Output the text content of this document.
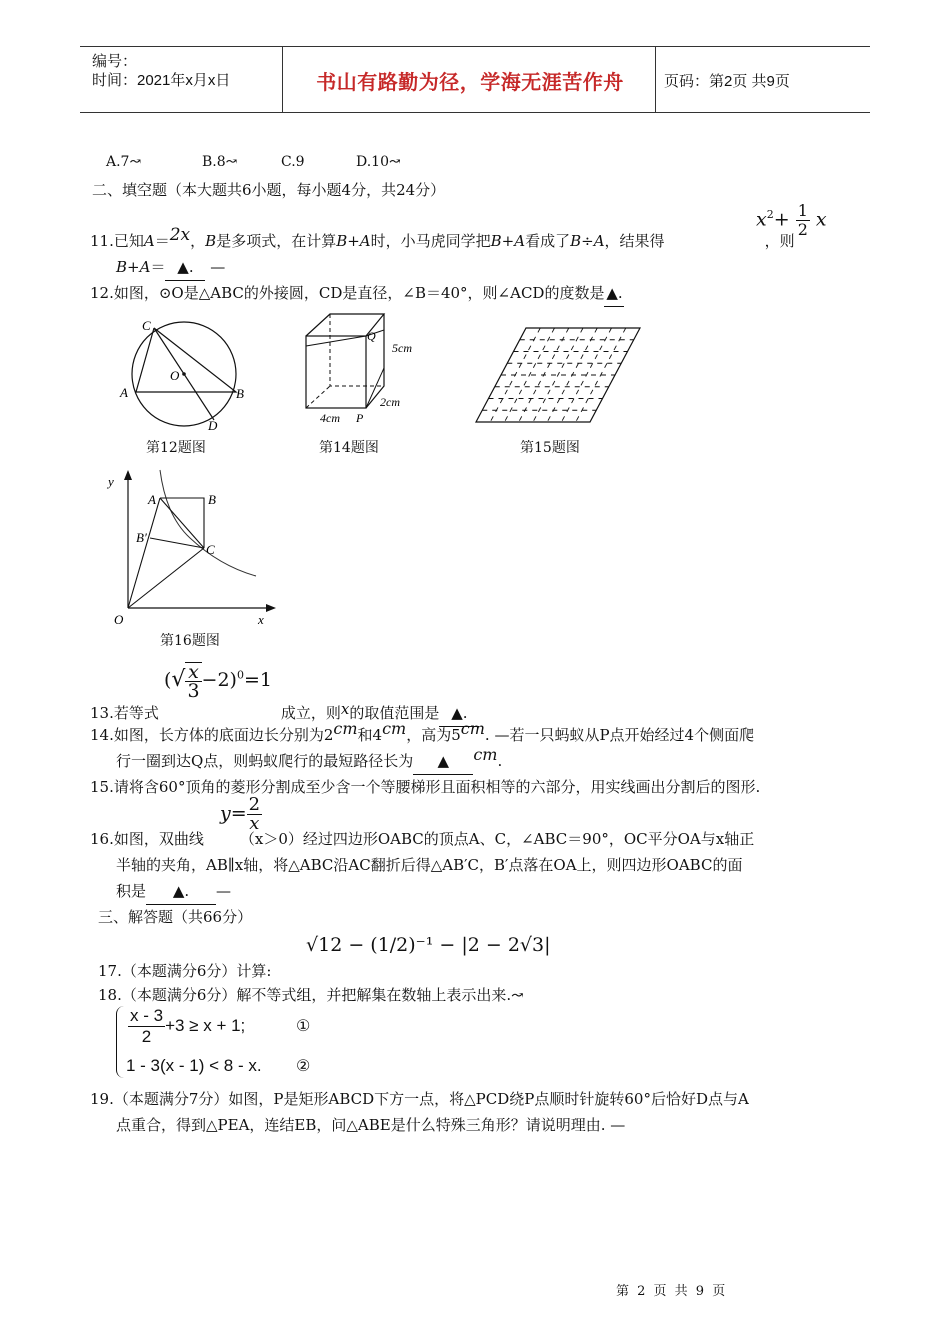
编号：
时间：2021年x月x日	书山有路勤为径，学海无涯苦作舟	页码：第2页 共9页
A.7↝	B.8↝	C.9	D.10↝
二、填空题（本大题共6小题，每小题4分，共24分）
$x^2+ \frac{1}{2}$ x
11.已知A＝2x，B是多项式，在计算B+A时，小马虎同学把B+A看成了B÷A，结果得	，则
B+A＝ ▲. —
12.如图，⊙O是△ABC的外接圆，CD是直径，∠B＝40°，则∠ACD的度数是 ▲.
C
O
A	B
D
第12题图
Q
5cm
2cm
4cm P
第14题图	第15题图
y
A	B
B′
C
O	x
第16题图
(√ $\frac{x}{3} -2)^0=1$
13.若等式	成立，则x的取值范围是 ▲.
14.如图，长方体的底面边长分别为2cm和4cm，高为5cm. —若一只蚂蚁从P点开始经过4个侧面爬
行一圈到达Q点，则蚂蚁爬行的最短路径长为 ▲ cm.
15.请将含60°顶角的菱形分割成至少含一个等腰梯形且面积相等的六部分，用实线画出分割后的图形.
$y= \frac{2}{x}$
16.如图，双曲线 （x＞0）经过四边形OABC的顶点A、C，∠ABC＝90°，OC平分OA与x轴正
半轴的夹角，AB∥x轴，将△ABC沿AC翻折后得△AB′C，B′点落在OA上，则四边形OABC的面
积是 ▲. —
三、解答题（共66分）
√12 − (1/2)⁻¹ − |2 − 2√3|
17.（本题满分6分）计算:
18.（本题满分6分）解不等式组，并把解集在数轴上表示出来.↝
$\frac{x - 3}{2} +3 \ge x + 1$;	①
1 - 3(x - 1) < 8 - x. ②
19.（本题满分7分）如图，P是矩形ABCD下方一点，将△PCD绕P点顺时针旋转60°后恰好D点与A
点重合，得到△PEA，连结EB，问△ABE是什么特殊三角形？请说明理由. —
第 2 页 共 9 页
